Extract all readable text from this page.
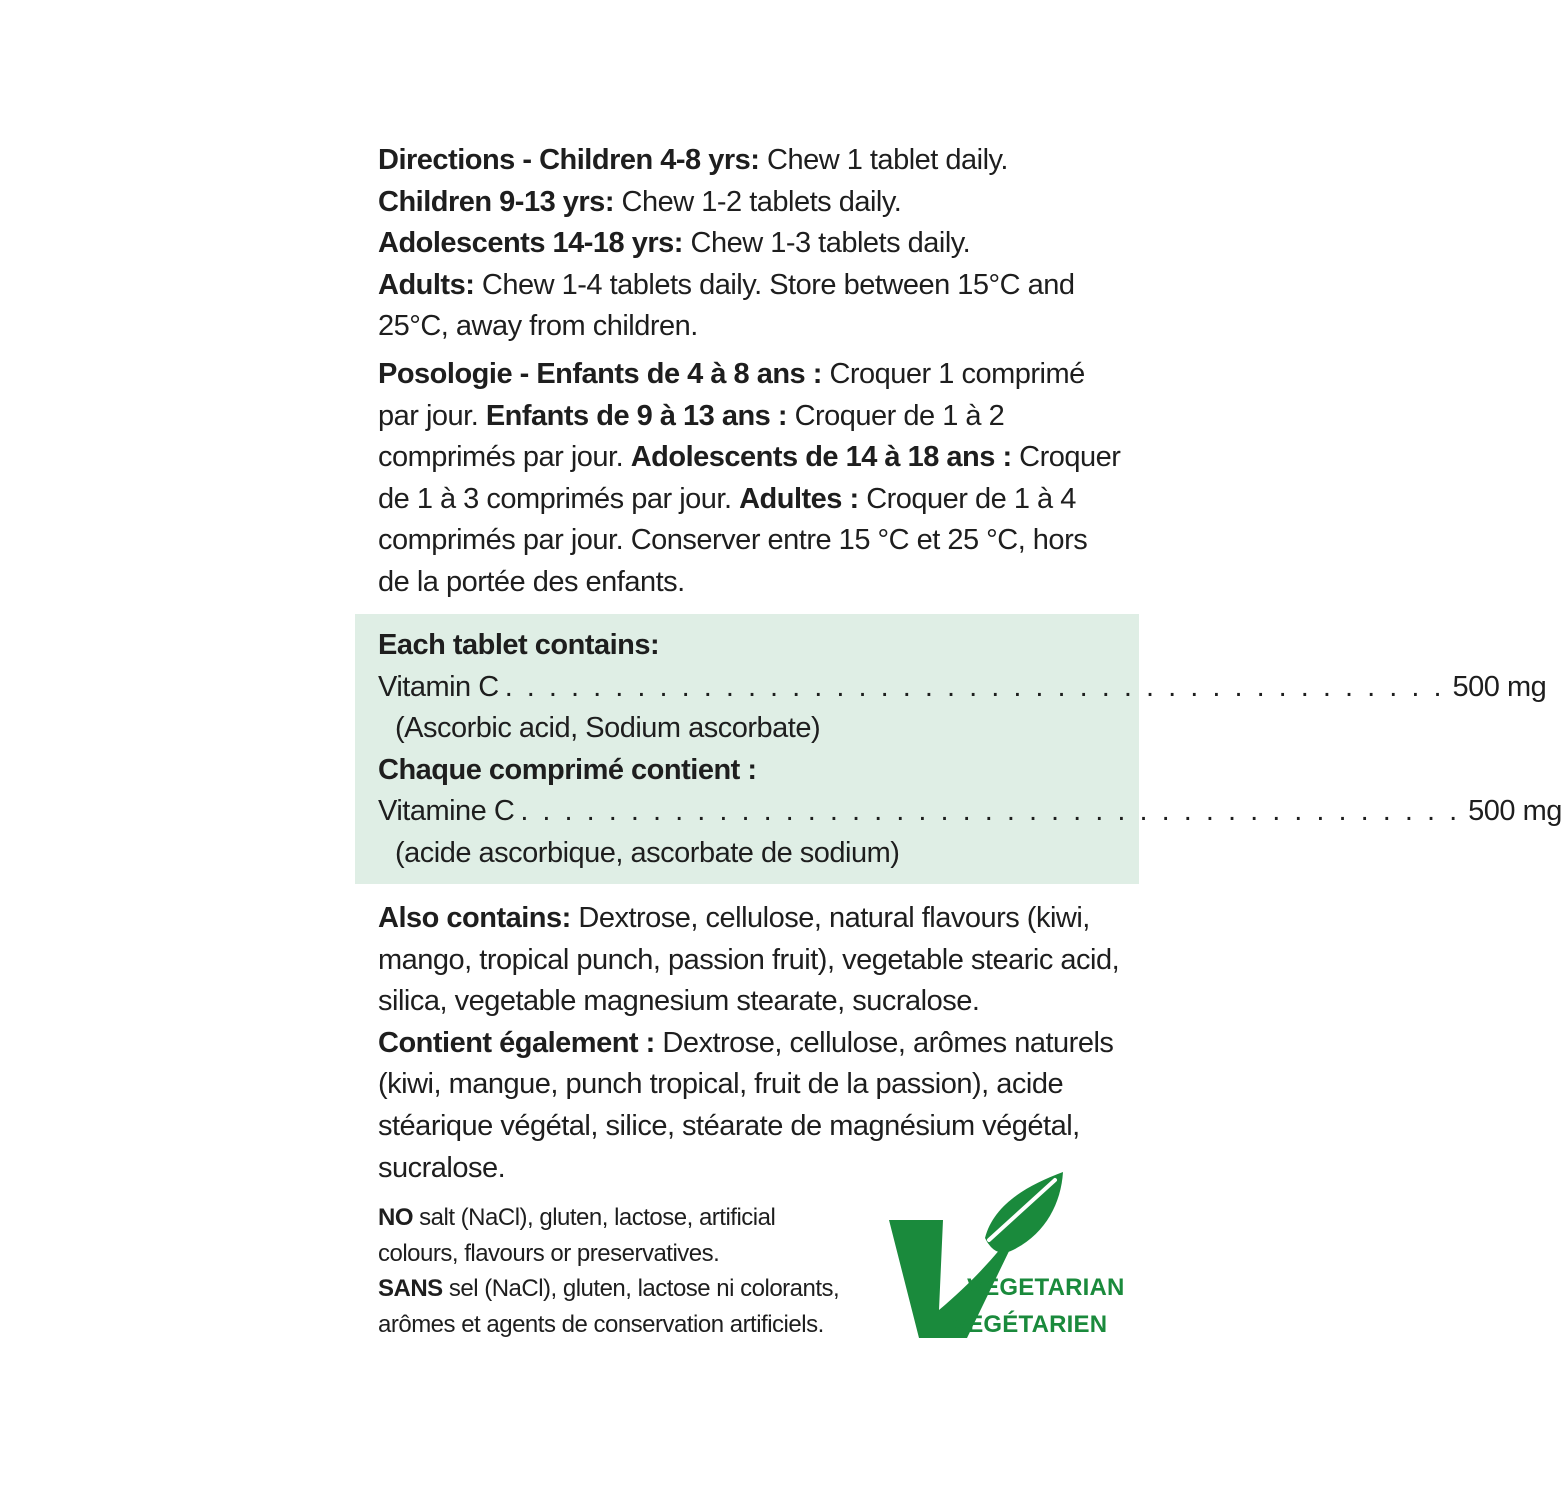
Directions - Children 4-8 yrs: Chew 1 tablet daily.
Children 9-13 yrs: Chew 1-2 tablets daily.
Adolescents 14-18 yrs: Chew 1-3 tablets daily.
Adults: Chew 1-4 tablets daily. Store between 15°C and 25°C, away from children.

Posologie - Enfants de 4 à 8 ans : Croquer 1 comprimé par jour. Enfants de 9 à 13 ans : Croquer de 1 à 2 comprimés par jour. Adolescents de 14 à 18 ans : Croquer de 1 à 3 comprimés par jour. Adultes : Croquer de 1 à 4 comprimés par jour. Conserver entre 15 °C et 25 °C, hors de la portée des enfants.

Each tablet contains:
Vitamin C . . . . . . . . . . . . . . . . . . . . . . . . . . . . . . . . . . . . . . . . . . . 500 mg
(Ascorbic acid, Sodium ascorbate)
Chaque comprimé contient :
Vitamine C . . . . . . . . . . . . . . . . . . . . . . . . . . . . . . . . . . . . . . . . . . . 500 mg
(acide ascorbique, ascorbate de sodium)

Also contains: Dextrose, cellulose, natural flavours (kiwi, mango, tropical punch, passion fruit), vegetable stearic acid, silica, vegetable magnesium stearate, sucralose.

Contient également : Dextrose, cellulose, arômes naturels (kiwi, mangue, punch tropical, fruit de la passion), acide stéarique végétal, silice, stéarate de magnésium végétal, sucralose.

NO salt (NaCl), gluten, lactose, artificial colours, flavours or preservatives.

SANS sel (NaCl), gluten, lactose ni colorants, arômes et agents de conservation artificiels.

VEGETARIAN
VÉGÉTARIEN
